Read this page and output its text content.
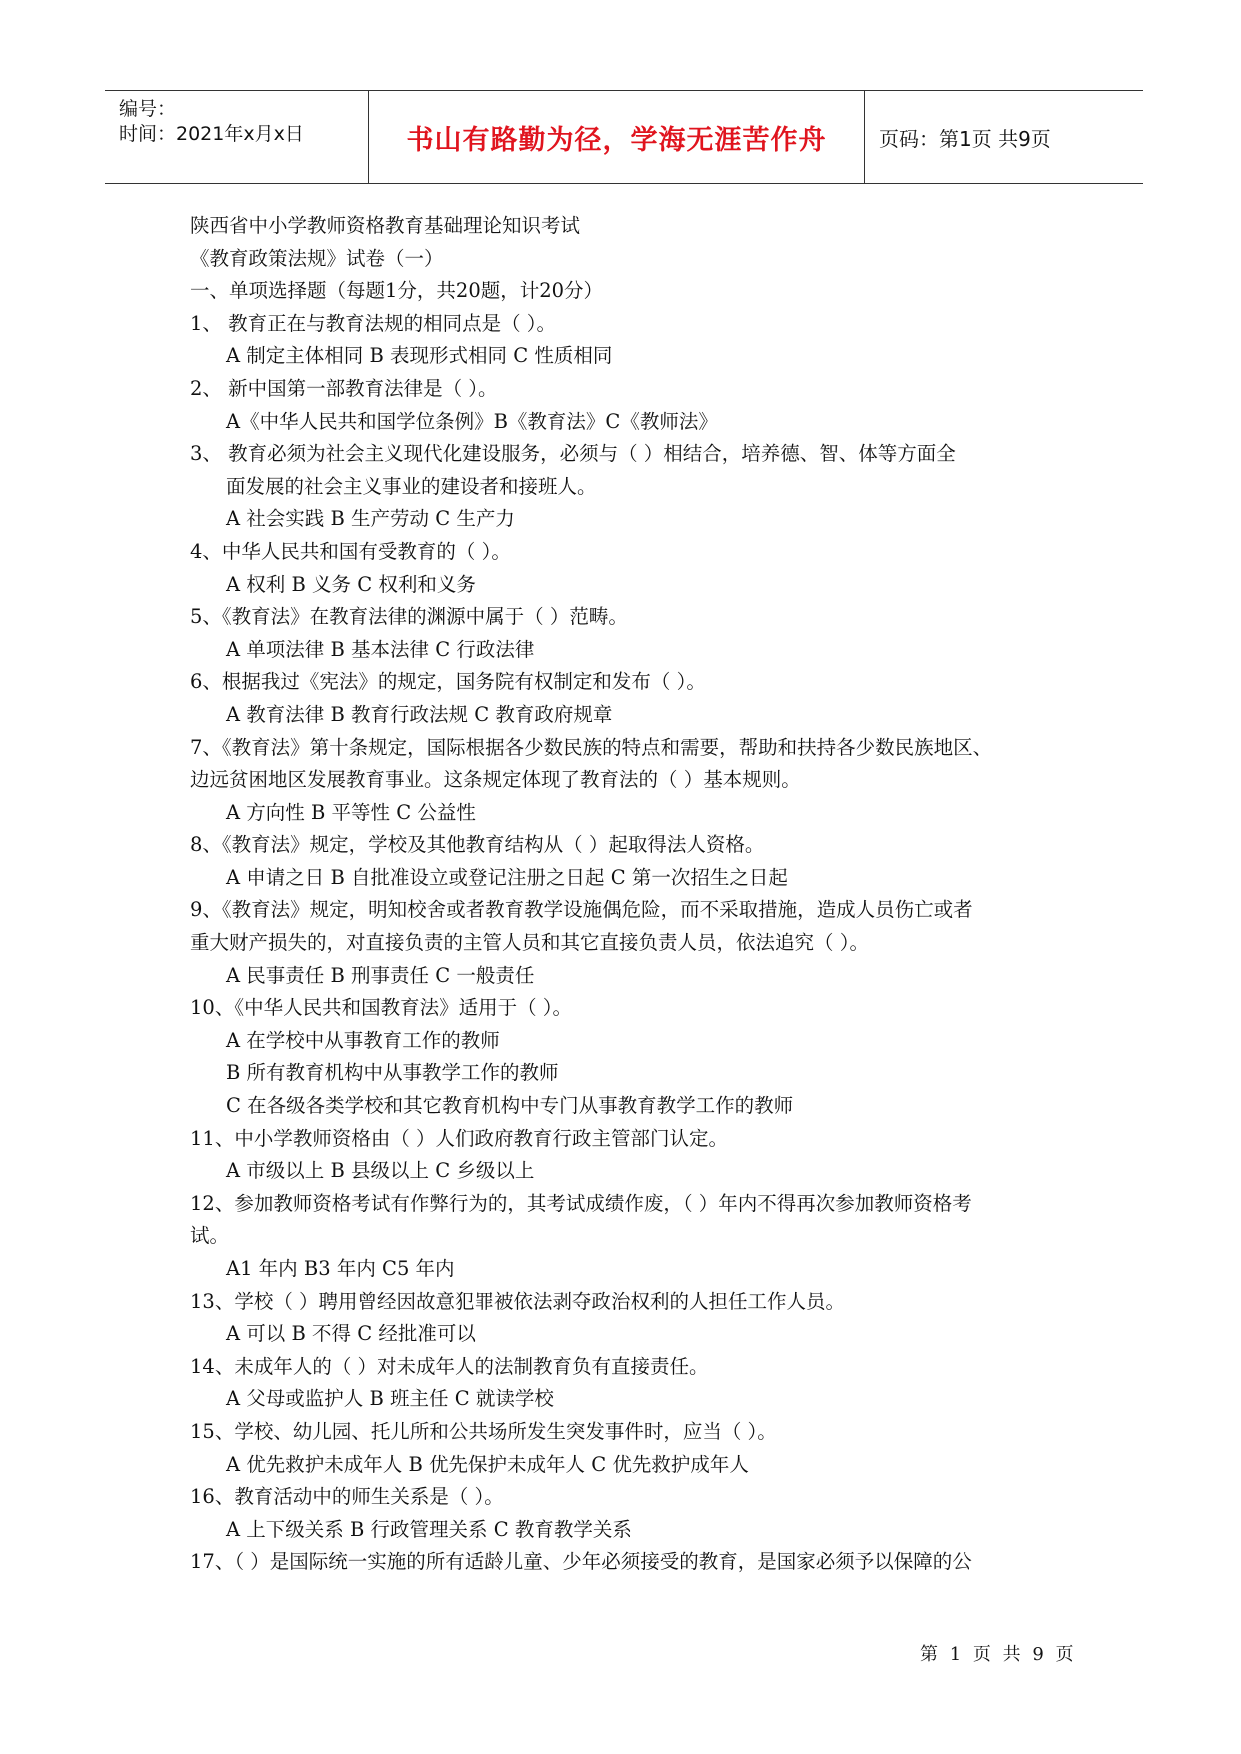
编号：
时间：2021年x月x日	书山有路勤为径，学海无涯苦作舟	页码：第1页 共9页
陕西省中小学教师资格教育基础理论知识考试
《教育政策法规》试卷（一）
一、单项选择题（每题1分，共20题，计20分）
1、 教育正在与教育法规的相同点是（ ）。
A 制定主体相同 B 表现形式相同 C 性质相同
2、 新中国第一部教育法律是（ ）。
A《中华人民共和国学位条例》B《教育法》C《教师法》
3、 教育必须为社会主义现代化建设服务，必须与（ ）相结合，培养德、智、体等方面全
面发展的社会主义事业的建设者和接班人。
A 社会实践 B 生产劳动 C 生产力
4、中华人民共和国有受教育的（ ）。
A 权利 B 义务 C 权利和义务
5、《教育法》在教育法律的渊源中属于（ ）范畴。
A 单项法律 B 基本法律 C 行政法律
6、根据我过《宪法》的规定，国务院有权制定和发布（ ）。
A 教育法律 B 教育行政法规 C 教育政府规章
7、《教育法》第十条规定，国际根据各少数民族的特点和需要，帮助和扶持各少数民族地区、
边远贫困地区发展教育事业。这条规定体现了教育法的（ ）基本规则。
A 方向性 B 平等性 C 公益性
8、《教育法》规定，学校及其他教育结构从（ ）起取得法人资格。
A 申请之日 B 自批准设立或登记注册之日起 C 第一次招生之日起
9、《教育法》规定，明知校舍或者教育教学设施偶危险，而不采取措施，造成人员伤亡或者
重大财产损失的，对直接负责的主管人员和其它直接负责人员，依法追究（ ）。
A 民事责任 B 刑事责任 C 一般责任
10、《中华人民共和国教育法》适用于（ ）。
A 在学校中从事教育工作的教师
B 所有教育机构中从事教学工作的教师
C 在各级各类学校和其它教育机构中专门从事教育教学工作的教师
11、中小学教师资格由（ ）人们政府教育行政主管部门认定。
A 市级以上 B 县级以上 C 乡级以上
12、参加教师资格考试有作弊行为的，其考试成绩作废，（ ）年内不得再次参加教师资格考
试。
A1 年内 B3 年内 C5 年内
13、学校（ ）聘用曾经因故意犯罪被依法剥夺政治权利的人担任工作人员。
A 可以 B 不得 C 经批准可以
14、未成年人的（ ）对未成年人的法制教育负有直接责任。
A 父母或监护人 B 班主任 C 就读学校
15、学校、幼儿园、托儿所和公共场所发生突发事件时，应当（ ）。
A 优先救护未成年人 B 优先保护未成年人 C 优先救护成年人
16、教育活动中的师生关系是（ ）。
A 上下级关系 B 行政管理关系 C 教育教学关系
17、（ ）是国际统一实施的所有适龄儿童、少年必须接受的教育，是国家必须予以保障的公
第 1 页 共 9 页
